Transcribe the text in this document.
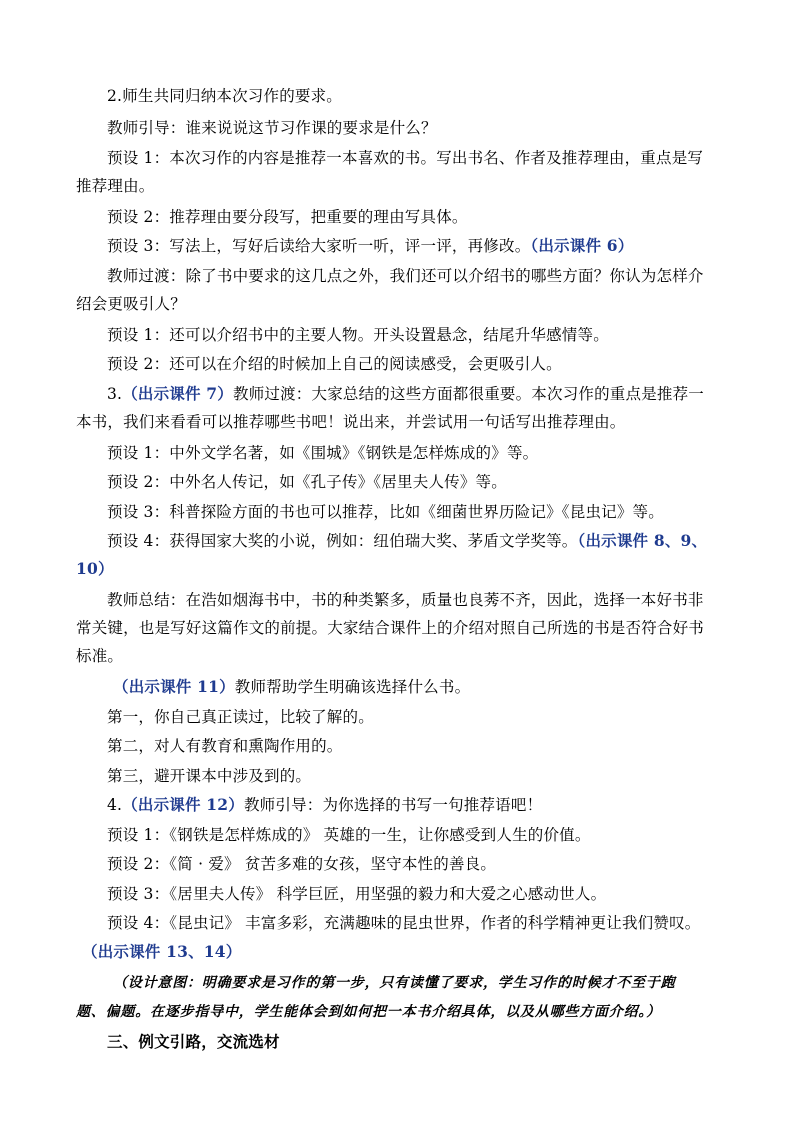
2.师生共同归纳本次习作的要求。
教师引导：谁来说说这节习作课的要求是什么？
预设 1：本次习作的内容是推荐一本喜欢的书。写出书名、作者及推荐理由，重点是写
推荐理由。
预设 2：推荐理由要分段写，把重要的理由写具体。
预设 3：写法上，写好后读给大家听一听，评一评，再修改。（出示课件 6）
教师过渡：除了书中要求的这几点之外，我们还可以介绍书的哪些方面？你认为怎样介
绍会更吸引人？
预设 1：还可以介绍书中的主要人物。开头设置悬念，结尾升华感情等。
预设 2：还可以在介绍的时候加上自己的阅读感受，会更吸引人。
3.（出示课件 7）教师过渡：大家总结的这些方面都很重要。本次习作的重点是推荐一
本书，我们来看看可以推荐哪些书吧！说出来，并尝试用一句话写出推荐理由。
预设 1：中外文学名著，如《围城》《钢铁是怎样炼成的》等。
预设 2：中外名人传记，如《孔子传》《居里夫人传》等。
预设 3：科普探险方面的书也可以推荐，比如《细菌世界历险记》《昆虫记》等。
预设 4：获得国家大奖的小说，例如：纽伯瑞大奖、茅盾文学奖等。（出示课件 8、9、
10）
教师总结：在浩如烟海书中，书的种类繁多，质量也良莠不齐，因此，选择一本好书非
常关键，也是写好这篇作文的前提。大家结合课件上的介绍对照自己所选的书是否符合好书
标准。
（出示课件 11）教师帮助学生明确该选择什么书。
第一，你自己真正读过，比较了解的。
第二，对人有教育和熏陶作用的。
第三，避开课本中涉及到的。
4.（出示课件 12）教师引导：为你选择的书写一句推荐语吧！
预设 1：《钢铁是怎样炼成的》 英雄的一生，让你感受到人生的价值。
预设 2：《简 · 爱》 贫苦多难的女孩，坚守本性的善良。
预设 3：《居里夫人传》 科学巨匠，用坚强的毅力和大爱之心感动世人。
预设 4：《昆虫记》 丰富多彩，充满趣味的昆虫世界，作者的科学精神更让我们赞叹。
（出示课件 13、14）
（设计意图：明确要求是习作的第一步，只有读懂了要求，学生习作的时候才不至于跑
题、偏题。在逐步指导中，学生能体会到如何把一本书介绍具体，以及从哪些方面介绍。）
三、例文引路，交流选材
